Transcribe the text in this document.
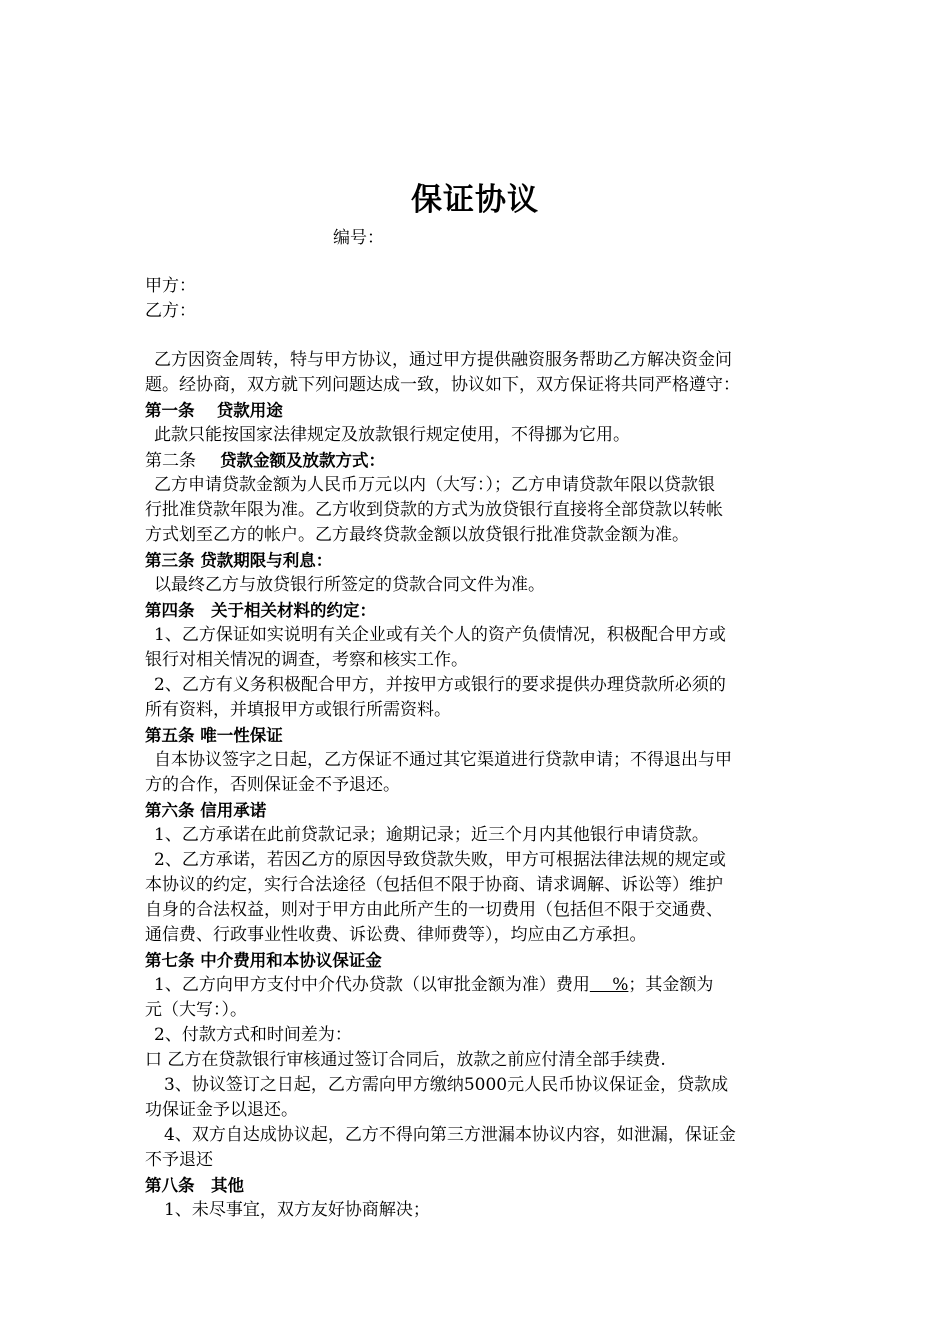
保证协议
编号：
甲方：
乙方：
乙方因资金周转，特与甲方协议，通过甲方提供融资服务帮助乙方解决资金问
题。经协商，双方就下列问题达成一致，协议如下，双方保证将共同严格遵守：
第一条　 贷款用途
此款只能按国家法律规定及放款银行规定使用，不得挪为它用。
第二条 贷款金额及放款方式：
乙方申请贷款金额为人民币万元以内（大写：）；乙方申请贷款年限以贷款银
行批准贷款年限为准。乙方收到贷款的方式为放贷银行直接将全部贷款以转帐
方式划至乙方的帐户。乙方最终贷款金额以放贷银行批准贷款金额为准。
第三条 贷款期限与利息：
以最终乙方与放贷银行所签定的贷款合同文件为准。
第四条　关于相关材料的约定：
1、乙方保证如实说明有关企业或有关个人的资产负债情况，积极配合甲方或
银行对相关情况的调查，考察和核实工作。
2、乙方有义务积极配合甲方，并按甲方或银行的要求提供办理贷款所必须的
所有资料，并填报甲方或银行所需资料。
第五条 唯一性保证
自本协议签字之日起，乙方保证不通过其它渠道进行贷款申请；不得退出与甲
方的合作，否则保证金不予退还。
第六条 信用承诺
1、乙方承诺在此前贷款记录；逾期记录；近三个月内其他银行申请贷款。
2、乙方承诺，若因乙方的原因导致贷款失败，甲方可根据法律法规的规定或
本协议的约定，实行合法途径（包括但不限于协商、请求调解、诉讼等）维护
自身的合法权益，则对于甲方由此所产生的一切费用（包括但不限于交通费、
通信费、行政事业性收费、诉讼费、律师费等），均应由乙方承担。
第七条 中介费用和本协议保证金
1、乙方向甲方支付中介代办贷款（以审批金额为准）费用　 %；其金额为
元（大写：）。
2、付款方式和时间差为：
口 乙方在贷款银行审核通过签订合同后，放款之前应付清全部手续费.
3、协议签订之日起，乙方需向甲方缴纳5000元人民币协议保证金，贷款成
功保证金予以退还。
4、双方自达成协议起，乙方不得向第三方泄漏本协议内容，如泄漏，保证金
不予退还
第八条　其他
1、未尽事宜，双方友好协商解决；
